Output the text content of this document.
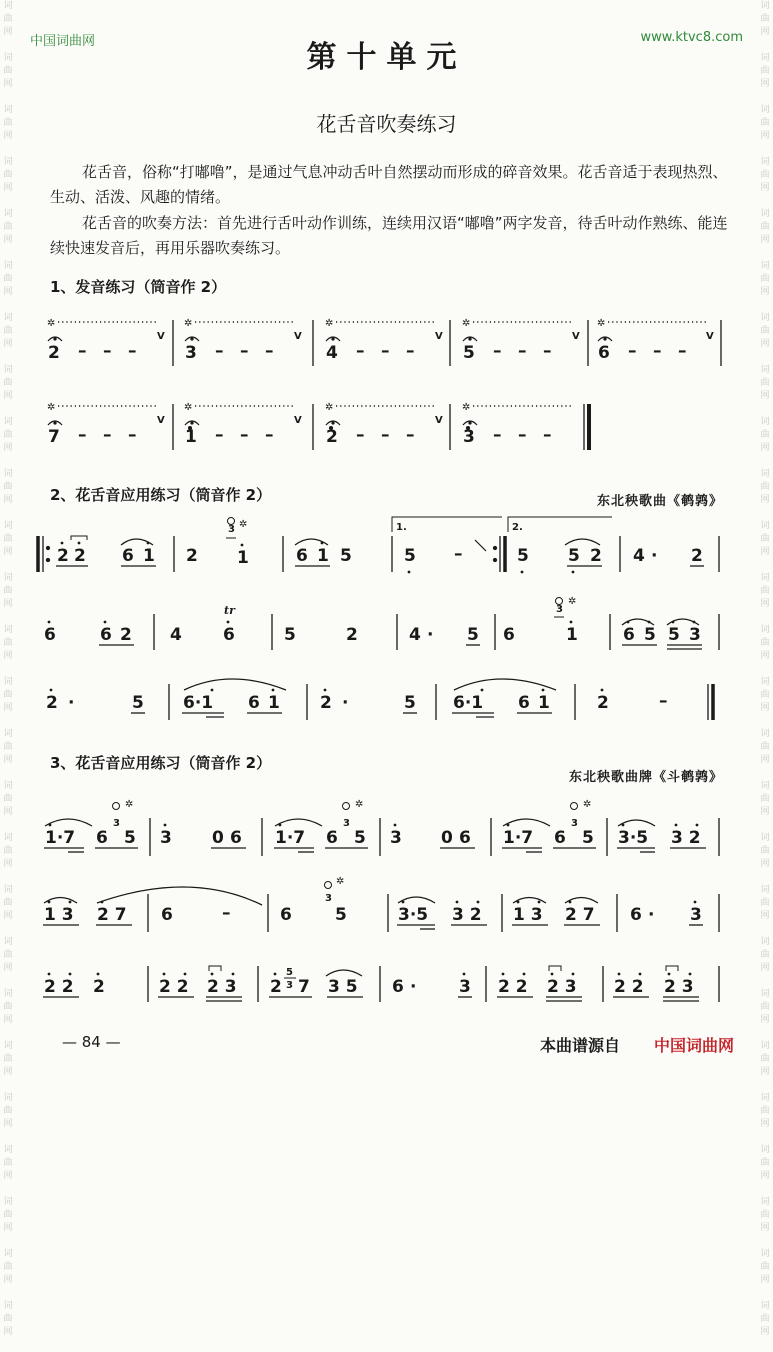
词
曲
网

词
曲
网

词
曲
网

词
曲
网

词
曲
网

词
曲
网

词
曲
网

词
曲
网

词
曲
网

词
曲
网

词
曲
网

词
曲
网

词
曲
网

词
曲
网

词
曲
网

词
曲
网

词
曲
网

词
曲
网

词
曲
网

词
曲
网

词
曲
网

词
曲
网

词
曲
网

词
曲
网

词
曲
网

词
曲
网

词
曲
网

词
曲
网

词
曲
网

词
曲
网

词
曲
网

词
曲
网

词
曲
网

词
曲
网

词
曲
网

词
曲
网

词
曲
网

词
曲
网

词
曲
网

词
曲
网

词
曲
网

词
曲
网

词
曲
网

词
曲
网

词
曲
网

词
曲
网

词
曲
网

词
曲
网

词
曲
网

词
曲
网

词
曲
网

词
曲
网

中国词曲网	www.ktvc8.com
第十单元
花舌音吹奏练习
花舌音，俗称“打嘟噜”，是通过气息冲动舌叶自然摆动而形成的碎音效果。花舌音适于表现热烈、生动、活泼、风趣的情绪。
花舌音的吹奏方法：首先进行舌叶动作训练，连续用汉语“嘟噜”两字发音，待舌叶动作熟练、能连续快速发音后，再用乐器吹奏练习。
1、发音练习（筒音作 2）
2、花舌音应用练习（筒音作 2）	东北秧歌曲《鹌鹑》
3、花舌音应用练习（筒音作 2）
东北秧歌曲牌《斗鹌鹑》
✲
2 – – –
V
✲
3 – – –
V
✲
4 – – –
V
✲
5 – – –
V
✲
6 – – –
V
✲
7 – – –
V
✲
1 – – –
V
✲
2 – – –
V
✲
3 – – –
1.	2.
2 2 6 1 2 1
3 ✲
6 1 5	5 –	5 5 2 4 · 2
6	6 2 4 6
tr
5	2	4 · 5 6	1
3
✲
6 5 5 3
2 ·	5 6·1 6 1 2 ·	5 6·1 6 1	2	–
1·7 6
3
✲
5 3 0 6 1·7 6
3
✲
5 3 0 6 1·7 6
3
✲
5 3·5 3 2
1 3 2 7 6	–	6	5
3
✲
3·5 3 2 1 3 2 7 6 · 3
2 2 2	2 2 2 3 2
5
3 7 3 5 6 ·	3 2 2 2 3 2 2 2 3
— 84 —	本曲谱源自 中国词曲网
